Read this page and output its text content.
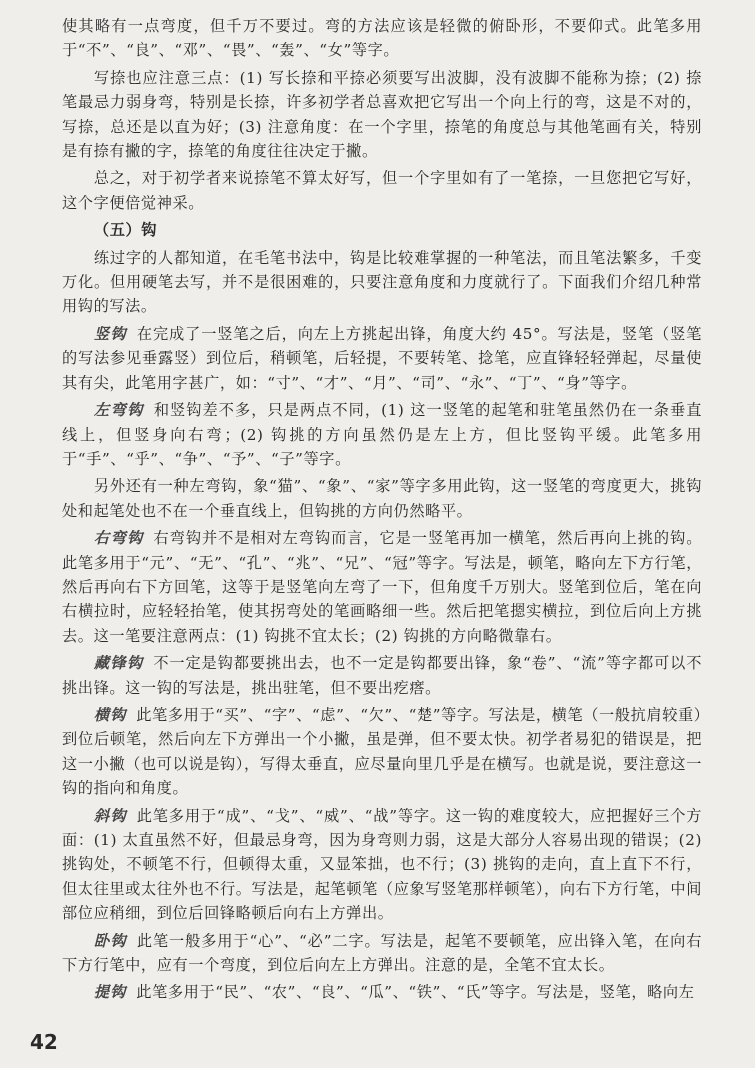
使其略有一点弯度，但千万不要过。弯的方法应该是轻微的俯卧形，不要仰式。此笔多用于“不”、“良”、“邓”、“畏”、“轰”、“女”等字。

写捺也应注意三点：(1) 写长捺和平捺必须要写出波脚，没有波脚不能称为捺；(2) 捺笔最忌力弱身弯，特别是长捺，许多初学者总喜欢把它写出一个向上行的弯，这是不对的，写捺，总还是以直为好；(3) 注意角度：在一个字里，捺笔的角度总与其他笔画有关，特别是有捺有撇的字，捺笔的角度往往决定于撇。

总之，对于初学者来说捺笔不算太好写，但一个字里如有了一笔捺，一旦您把它写好，这个字便倍觉神采。

（五）钩

练过字的人都知道，在毛笔书法中，钩是比较难掌握的一种笔法，而且笔法繁多，千变万化。但用硬笔去写，并不是很困难的，只要注意角度和力度就行了。下面我们介绍几种常用钩的写法。

竖钩 在完成了一竖笔之后，向左上方挑起出锋，角度大约 45°。写法是，竖笔（竖笔的写法参见垂露竖）到位后，稍顿笔，后轻提，不要转笔、捻笔，应直锋轻轻弹起，尽量使其有尖，此笔用字甚广，如：“寸”、“才”、“月”、“司”、“永”、“丁”、“身”等字。

左弯钩 和竖钩差不多，只是两点不同，(1) 这一竖笔的起笔和驻笔虽然仍在一条垂直线上，但竖身向右弯；(2) 钩挑的方向虽然仍是左上方，但比竖钩平缓。此笔多用于“手”、“乎”、“争”、“予”、“子”等字。

另外还有一种左弯钩，象“猫”、“象”、“家”等字多用此钩，这一竖笔的弯度更大，挑钩处和起笔处也不在一个垂直线上，但钩挑的方向仍然略平。

右弯钩 右弯钩并不是相对左弯钩而言，它是一竖笔再加一横笔，然后再向上挑的钩。此笔多用于“元”、“无”、“孔”、“兆”、“兄”、“冠”等字。写法是，顿笔，略向左下方行笔，然后再向右下方回笔，这等于是竖笔向左弯了一下，但角度千万别大。竖笔到位后，笔在向右横拉时，应轻轻抬笔，使其拐弯处的笔画略细一些。然后把笔摁实横拉，到位后向上方挑去。这一笔要注意两点：(1) 钩挑不宜太长；(2) 钩挑的方向略微靠右。

藏锋钩 不一定是钩都要挑出去，也不一定是钩都要出锋，象“卷”、“流”等字都可以不挑出锋。这一钩的写法是，挑出驻笔，但不要出疙瘩。

横钩 此笔多用于“买”、“字”、“虑”、“欠”、“楚”等字。写法是，横笔（一般抗肩较重）到位后顿笔，然后向左下方弹出一个小撇，虽是弹，但不要太快。初学者易犯的错误是，把这一小撇（也可以说是钩），写得太垂直，应尽量向里几乎是在横写。也就是说，要注意这一钩的指向和角度。

斜钩 此笔多用于“成”、“戈”、“威”、“战”等字。这一钩的难度较大，应把握好三个方面：(1) 太直虽然不好，但最忌身弯，因为身弯则力弱，这是大部分人容易出现的错误；(2) 挑钩处，不顿笔不行，但顿得太重，又显笨拙，也不行；(3) 挑钩的走向，直上直下不行，但太往里或太往外也不行。写法是，起笔顿笔（应象写竖笔那样顿笔），向右下方行笔，中间部位应稍细，到位后回锋略顿后向右上方弹出。

卧钩 此笔一般多用于“心”、“必”二字。写法是，起笔不要顿笔，应出锋入笔，在向右下方行笔中，应有一个弯度，到位后向左上方弹出。注意的是，全笔不宜太长。

提钩 此笔多用于“民”、“农”、“良”、“瓜”、“铁”、“氏”等字。写法是，竖笔，略向左

42
